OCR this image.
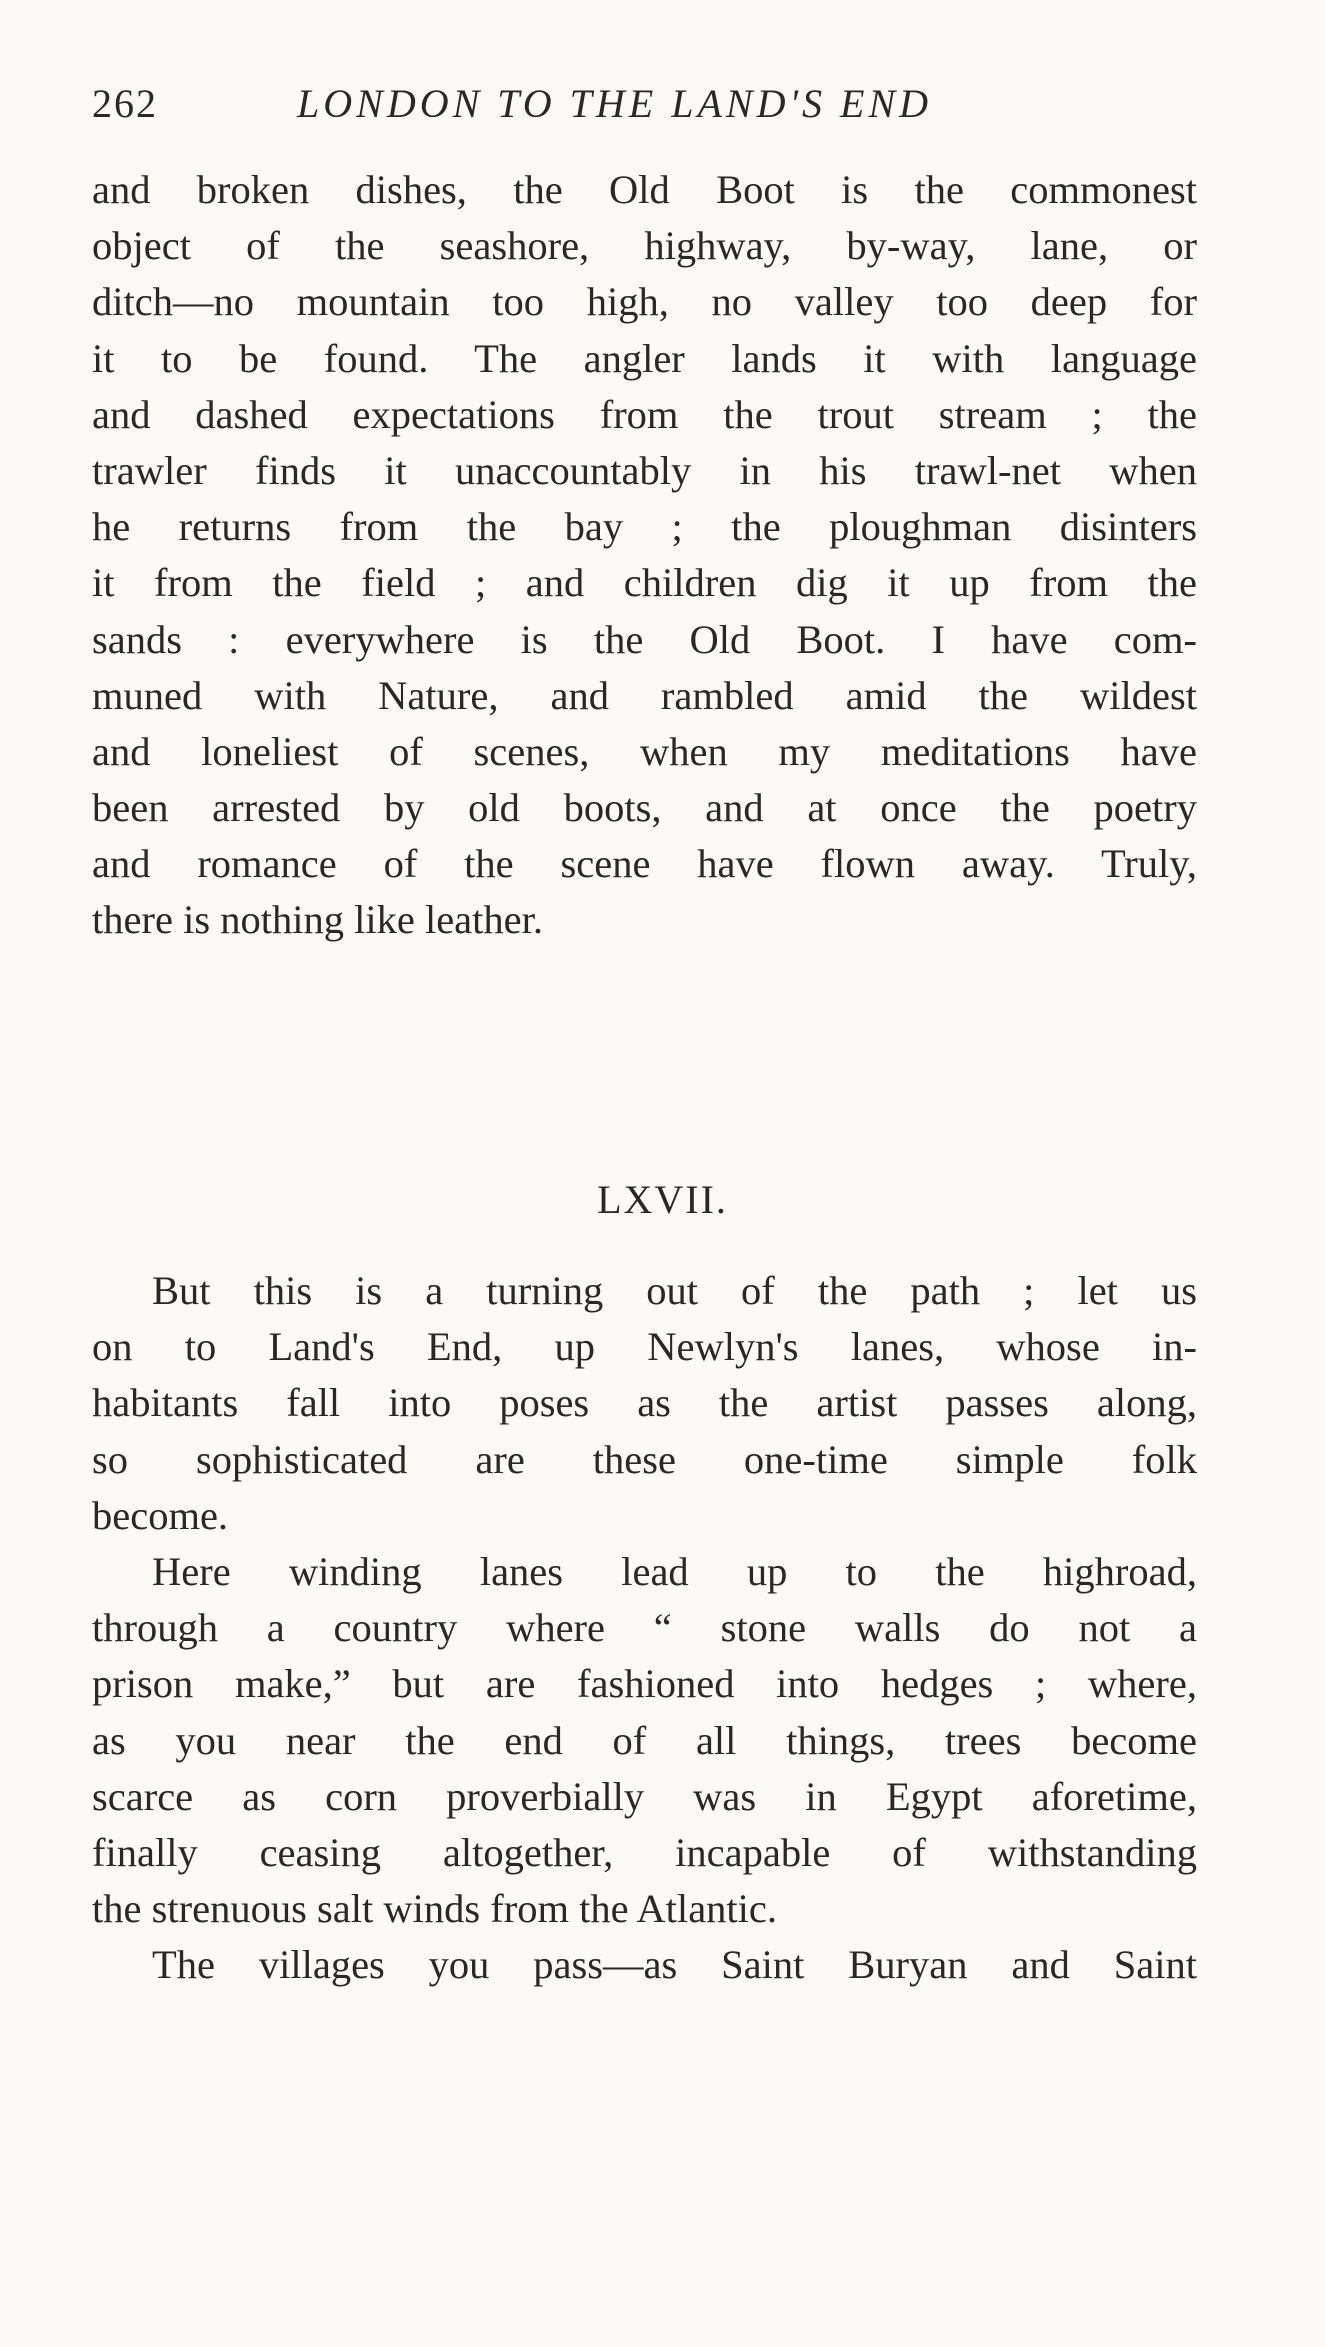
262	LONDON TO THE LAND'S END
and broken dishes, the Old Boot is the commonest
object of the seashore, highway, by-way, lane, or
ditch—no mountain too high, no valley too deep for
it to be found. The angler lands it with language
and dashed expectations from the trout stream ; the
trawler finds it unaccountably in his trawl-net when
he returns from the bay ; the ploughman disinters
it from the field ; and children dig it up from the
sands : everywhere is the Old Boot. I have com-
muned with Nature, and rambled amid the wildest
and loneliest of scenes, when my meditations have
been arrested by old boots, and at once the poetry
and romance of the scene have flown away. Truly,
there is nothing like leather.
LXVII.
But this is a turning out of the path ; let us
on to Land's End, up Newlyn's lanes, whose in-
habitants fall into poses as the artist passes along,
so sophisticated are these one-time simple folk
become.
Here winding lanes lead up to the highroad,
through a country where “ stone walls do not a
prison make,” but are fashioned into hedges ; where,
as you near the end of all things, trees become
scarce as corn proverbially was in Egypt aforetime,
finally ceasing altogether, incapable of withstanding
the strenuous salt winds from the Atlantic.
The villages you pass—as Saint Buryan and Saint
